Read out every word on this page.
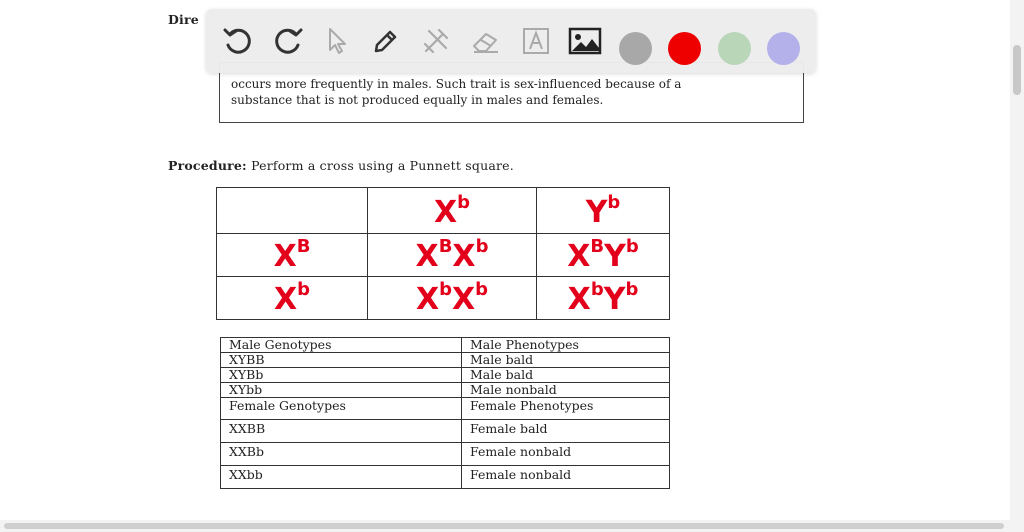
Dire
occurs more frequently in males. Such trait is sex-influenced because of a
substance that is not produced equally in males and females.
Procedure: Perform a cross using a Punnett square.
	$X^b$	$Y^b$
$X^B$	$X^BX^b$	$X^BY^b$
$X^b$	$X^bX^b$	$X^bY^b$
Male Genotypes	Male Phenotypes
XYBB	Male bald
XYBb	Male bald
XYbb	Male nonbald
Female Genotypes	Female Phenotypes
XXBB	Female bald
XXBb	Female nonbald
XXbb	Female nonbald
